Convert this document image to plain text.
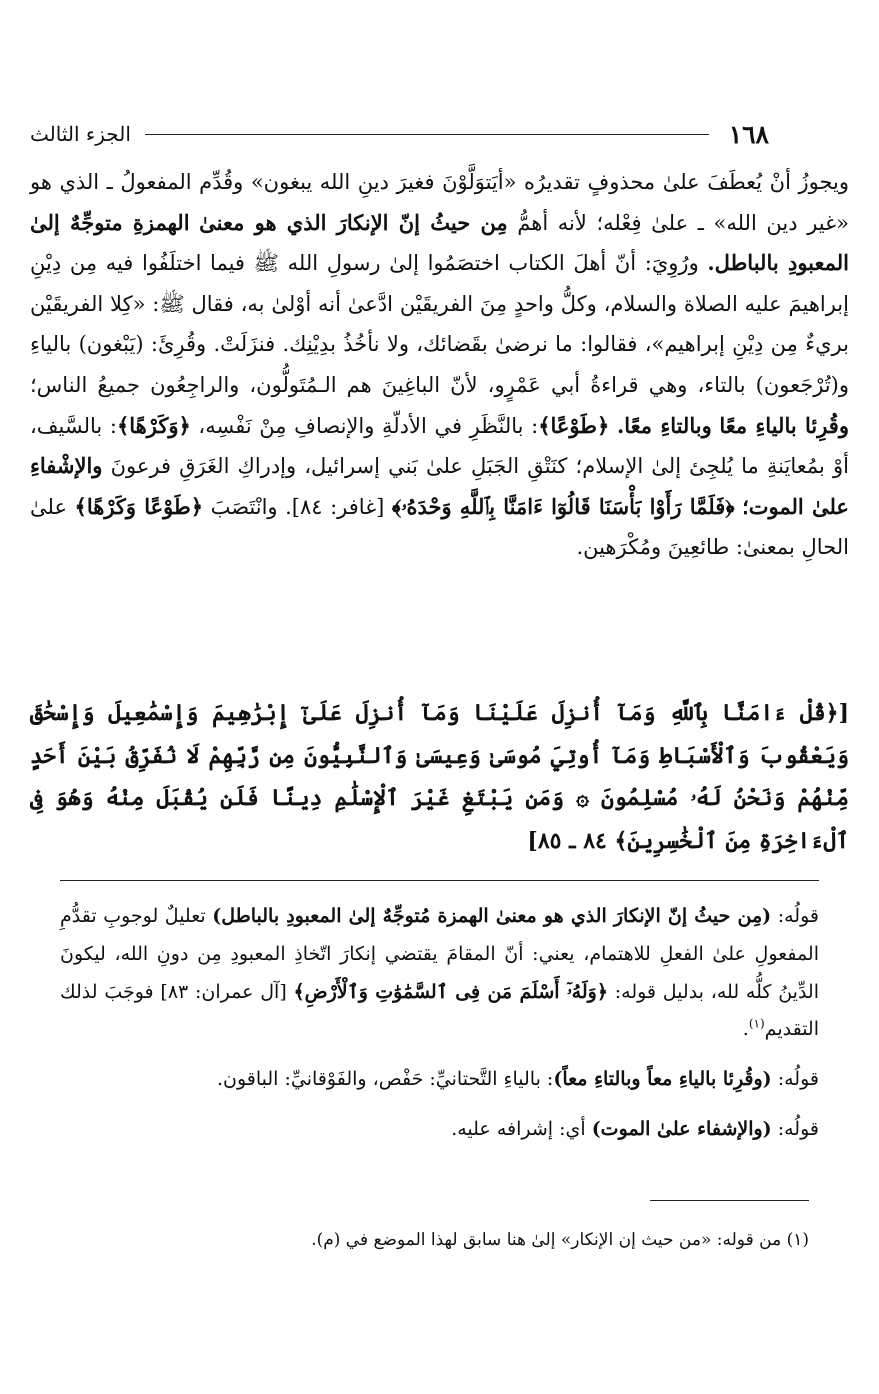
١٦٨
الجزء الثالث

ويجوزُ أنْ يُعطَفَ علىٰ محذوفٍ تقديرُه «أيَتوَلَّوْنَ فغيرَ دينِ الله يبغون» وقُدِّم المفعولُ ـ الذي هو «غير دين الله» ـ علىٰ فِعْله؛ لأنه أهمُّ مِن حيثُ إنّ الإنكارَ الذي هو معنىٰ الهمزةِ متوجِّهٌ إلىٰ المعبودِ بالباطل. ورُوِيَ: أنّ أهلَ الكتاب اختصَمُوا إلىٰ رسولِ الله ﷺ فيما اختلَفُوا فيه مِن دِيْنِ إبراهيمَ عليه الصلاة والسلام، وكلُّ واحدٍ مِنَ الفريقَيْن ادَّعىٰ أنه أوْلىٰ به، فقال ﷺ: «كِلا الفريقَيْن بريءٌ مِن دِيْنِ إبراهيم»، فقالوا: ما نرضىٰ بقَضائك، ولا نأخُذُ بدِيْنِك. فنزَلَتْ. وقُرِئَ: (يَبْغون) بالياءِ و(تُرْجَعون) بالتاء، وهي قراءةُ أبي عَمْرٍو، لأنّ الباغِينَ هم الـمُتَولُّون، والراجِعُون جميعُ الناس؛ وقُرِئا بالياءِ معًا وبالتاءِ معًا. ﴿طَوْعًا﴾: بالنَّظَرِ في الأدلّةِ والإنصافِ مِنْ نَفْسِه، ﴿وَكَرْهًا﴾: بالسَّيف، أوْ بمُعايَنةِ ما يُلجِئ إلىٰ الإسلام؛ كنَتْقِ الجَبَلِ علىٰ بَني إسرائيل، وإدراكِ الغَرَقِ فرعونَ والإشْفاءِ علىٰ الموت؛ ﴿فَلَمَّا رَأَوْا بَأْسَنَا قَالُوٓا ءَامَنَّا بِٱللَّهِ وَحْدَهُۥ﴾ [غافر: ٨٤]. وانْتَصَبَ ﴿طَوْعًا وَكَرْهًا﴾ علىٰ الحالِ بمعنىٰ: طائعِينَ ومُكْرَهين.

[﴿قُلْ ءَامَنَّا بِٱللَّهِ وَمَآ أُنزِلَ عَلَيْنَا وَمَآ أُنزِلَ عَلَىٰٓ إِبْرَٰهِيمَ وَإِسْمَٰعِيلَ وَإِسْحَٰقَ وَيَعْقُوبَ وَٱلْأَسْبَاطِ وَمَآ أُوتِيَ مُوسَىٰ وَعِيسَىٰ وَٱلنَّبِيُّونَ مِن رَّبِّهِمْ لَا نُفَرِّقُ بَيْنَ أَحَدٍ مِّنْهُمْ وَنَحْنُ لَهُۥ مُسْلِمُونَ ۞ وَمَن يَبْتَغِ غَيْرَ ٱلْإِسْلَٰمِ دِينًا فَلَن يُقْبَلَ مِنْهُ وَهُوَ فِى ٱلْءَاخِرَةِ مِنَ ٱلْخَٰسِرِينَ﴾ ٨٤ ـ ٨٥]

قولُه: (مِن حيثُ إنّ الإنكارَ الذي هو معنىٰ الهمزة مُتوجِّهٌ إلىٰ المعبودِ بالباطل) تعليلٌ لوجوبِ تقدُّمِ المفعولِ علىٰ الفعلِ للاهتمام، يعني: أنّ المقامَ يقتضي إنكارَ اتّخاذِ المعبودِ مِن دونِ الله، ليكونَ الدِّينُ كلُّه لله، بدليل قوله: ﴿وَلَهُۥٓ أَسْلَمَ مَن فِى ٱلسَّمَٰوَٰتِ وَٱلْأَرْضِ﴾ [آل عمران: ٨٣] فوجَبَ لذلك التقديم$^{(١)}$.

قولُه: (وقُرِئا بالياءِ معاً وبالتاءِ معاً): بالياءِ التَّحتانيِّ: حَفْص، والفَوْقانيِّ: الباقون.

قولُه: (والإشفاء علىٰ الموت) أي: إشرافه عليه.

(١) من قوله: «من حيث إن الإنكار» إلىٰ هنا سابق لهذا الموضع في (م).
